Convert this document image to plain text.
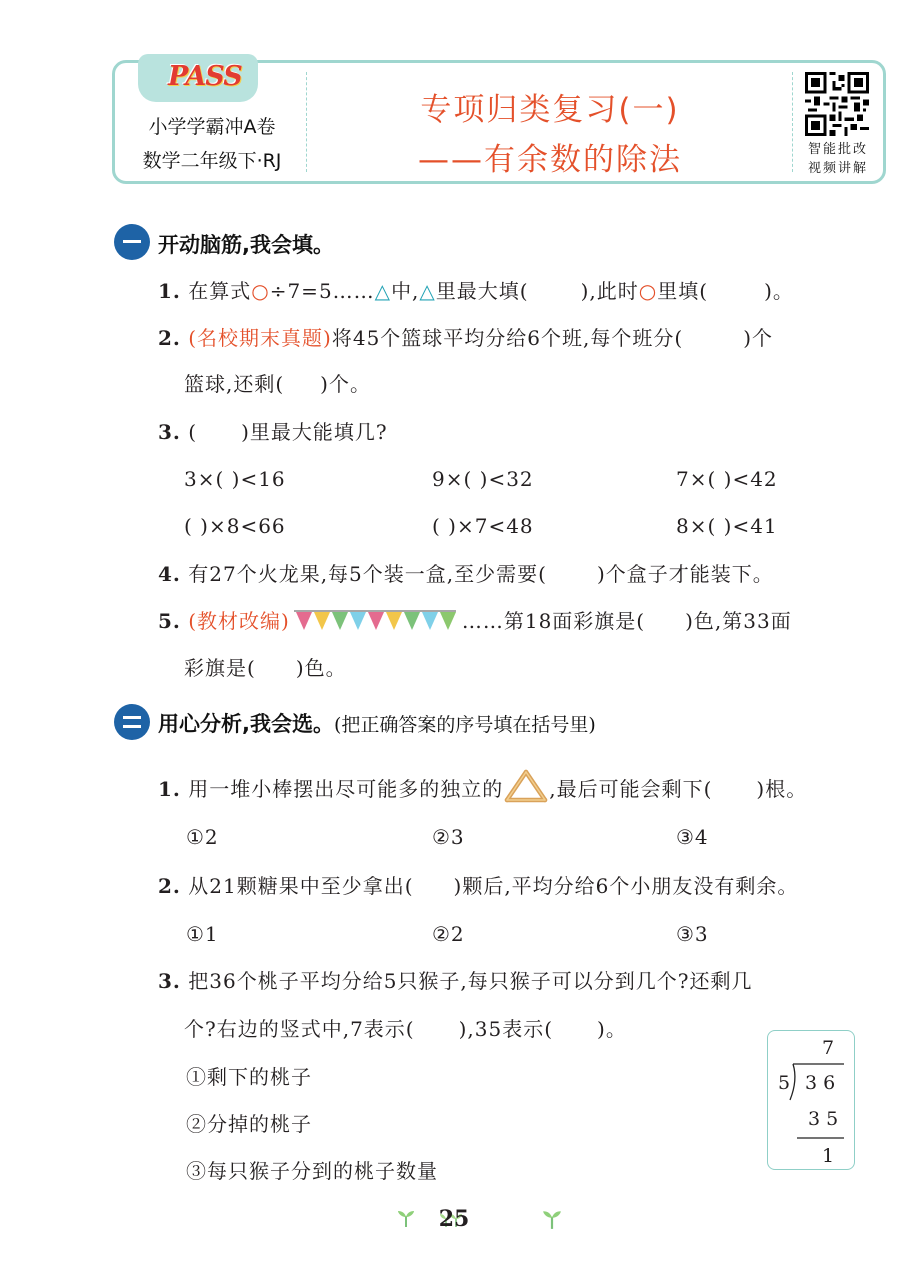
PASS
小学学霸冲A卷
数学二年级下·RJ
专项归类复习(一)
——有余数的除法	智能批改
视频讲解
开动脑筋,我会填。
1. 在算式○÷7=5……△中,△里最大填(	),此时○里填(	)。
2. (名校期末真题)将45个篮球平均分给6个班,每个班分(	)个
篮球,还剩( )个。
3. ( )里最大能填几?
3×( )<16	9×( )<32	7×( )<42
( )×8<66	( )×7<48	8×( )<41
4. 有27个火龙果,每5个装一盒,至少需要(	)个盒子才能装下。
5. (教材改编)	……第18面彩旗是( )色,第33面
彩旗是( )色。
用心分析,我会选。(把正确答案的序号填在括号里)
1. 用一堆小棒摆出尽可能多的独立的 ,最后可能会剩下( )根。
①2	②3	③4
2. 从21颗糖果中至少拿出( )颗后,平均分给6个小朋友没有剩余。
①1	②2	③3
3. 把36个桃子平均分给5只猴子,每只猴子可以分到几个?还剩几
个?右边的竖式中,7表示( ),35表示( )。
①剩下的桃子
②分掉的桃子
③每只猴子分到的桃子数量
7
5 36
35
1
25
